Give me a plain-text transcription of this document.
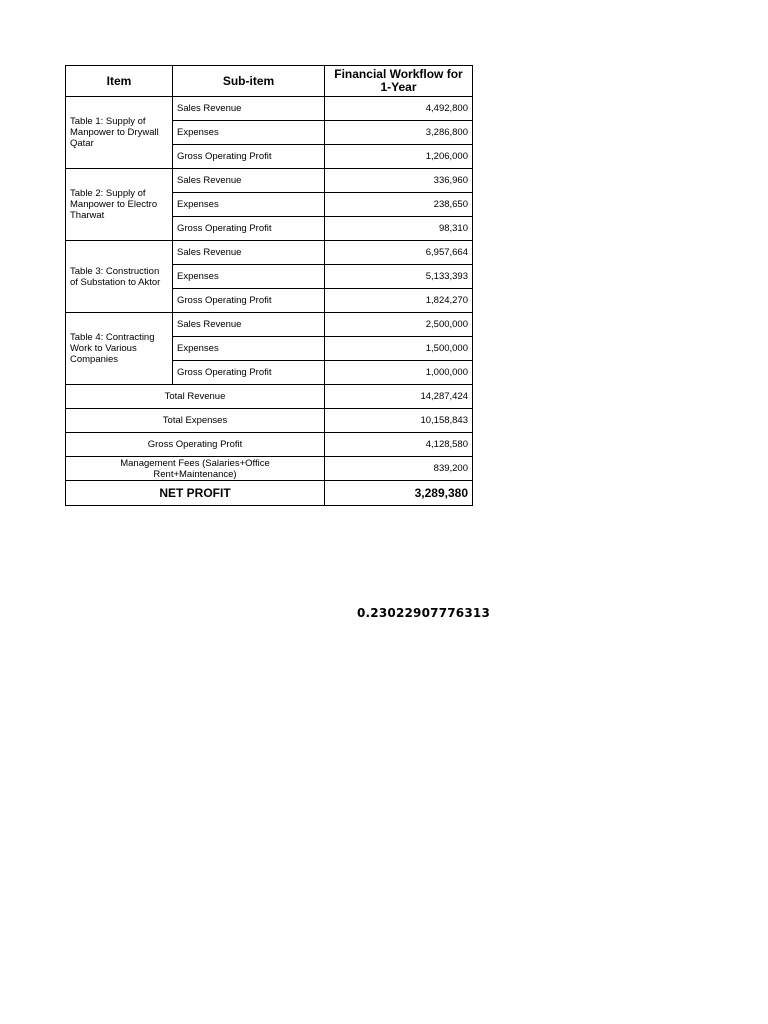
Item	Sub-item	Financial Workflow for 1-Year
Table 1: Supply of Manpower to Drywall Qatar	Sales Revenue	4,492,800
	Expenses	3,286,800
	Gross Operating Profit	1,206,000
Table 2: Supply of Manpower to Electro Tharwat	Sales Revenue	336,960
	Expenses	238,650
	Gross Operating Profit	98,310
Table 3: Construction of Substation to Aktor	Sales Revenue	6,957,664
	Expenses	5,133,393
	Gross Operating Profit	1,824,270
Table 4: Contracting Work to Various Companies	Sales Revenue	2,500,000
	Expenses	1,500,000
	Gross Operating Profit	1,000,000
Total Revenue		14,287,424
Total Expenses		10,158,843
Gross Operating Profit		4,128,580
Management Fees (Salaries+Office Rent+Maintenance)		839,200
NET PROFIT		3,289,380
0.23022907776313
